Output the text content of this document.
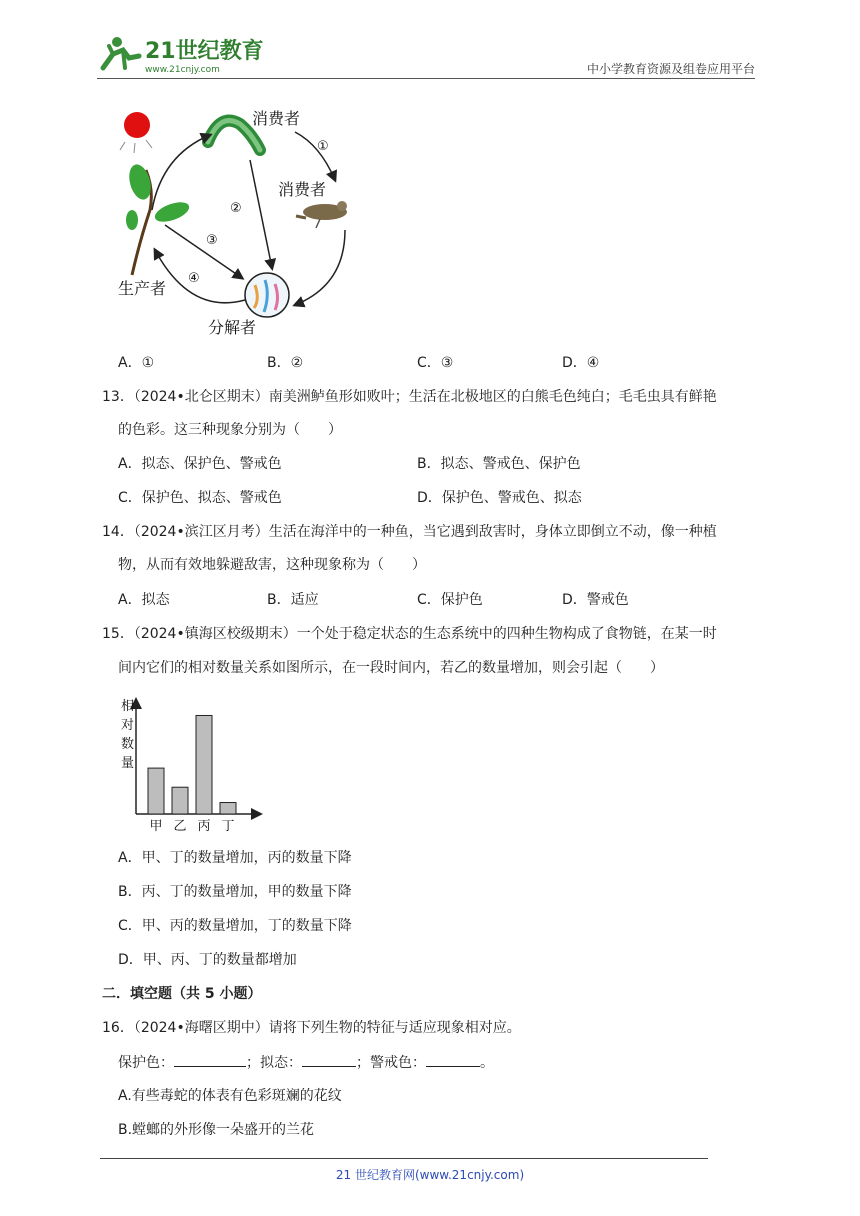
21世纪教育
www.21cnjy.com	中小学教育资源及组卷应用平台
消费者
①
消费者
②
③
④
生产者
分解者
A．①	B．②	C．③	D．④
13．（2024•北仑区期末）南美洲鲈鱼形如败叶；生活在北极地区的白熊毛色纯白；毛毛虫具有鲜艳
的色彩。这三种现象分别为（　　）
A．拟态、保护色、警戒色	B．拟态、警戒色、保护色
C．保护色、拟态、警戒色	D．保护色、警戒色、拟态
14．（2024•滨江区月考）生活在海洋中的一种鱼，当它遇到敌害时，身体立即倒立不动，像一种植
物，从而有效地躲避敌害，这种现象称为（　　）
A．拟态	B．适应	C．保护色	D．警戒色
15．（2024•镇海区校级期末）一个处于稳定状态的生态系统中的四种生物构成了食物链，在某一时
间内它们的相对数量关系如图所示，在一段时间内，若乙的数量增加，则会引起（　　）
相对数量
甲 乙 丙 丁
A．甲、丁的数量增加，丙的数量下降
B．丙、丁的数量增加，甲的数量下降
C．甲、丙的数量增加，丁的数量下降
D．甲、丙、丁的数量都增加
二．填空题（共 5 小题）
16．（2024•海曙区期中）请将下列生物的特征与适应现象相对应。
保护色：	；拟态：	；警戒色：	。
A.有些毒蛇的体表有色彩斑斓的花纹
B.螳螂的外形像一朵盛开的兰花
21 世纪教育网(www.21cnjy.com)
